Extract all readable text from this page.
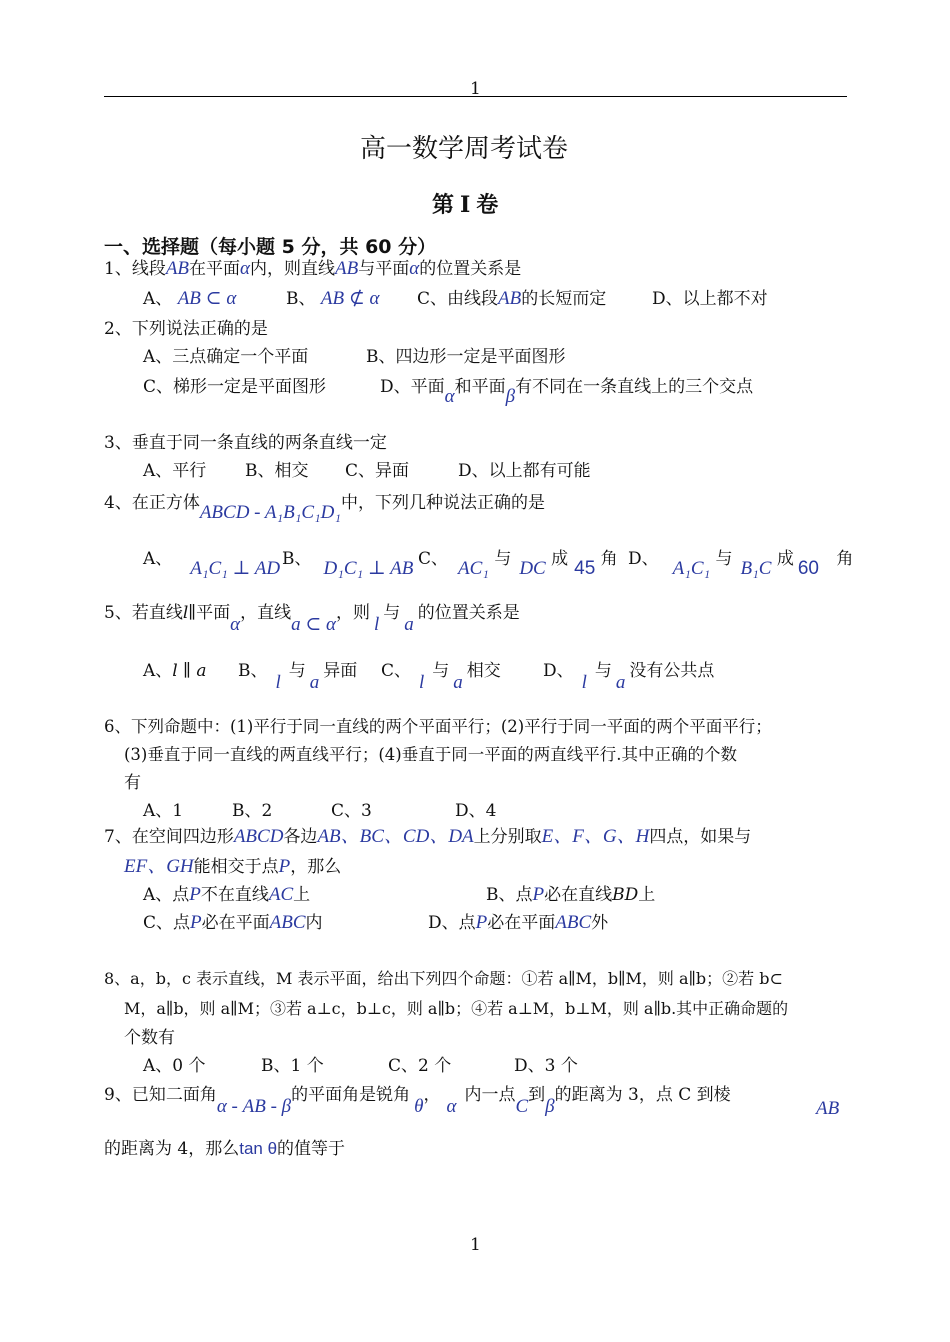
1
高一数学周考试卷
第Ⅰ卷
一、选择题（每小题 5 分，共 60 分）
1、线段AB在平面α内，则直线AB与平面α的位置关系是
A、 AB ⊂ α	B、 AB ⊄ α C、由线段AB的长短而定	D、以上都不对
2、下列说法正确的是
A、三点确定一个平面	B、四边形一定是平面图形
C、梯形一定是平面图形	D、平面α和平面β有不同在一条直线上的三个交点
3、垂直于同一条直线的两条直线一定
A、平行 B、相交 C、异面	D、以上都有可能
4、在正方体ABCD - A₁B₁C₁D₁中，下列几种说法正确的是
A、 A₁C₁ ⊥ AD B、 D₁C₁ ⊥ AB C、 AC₁ 与 DC 成 45 角 D、 A₁C₁ 与 B₁C 成 60 角
5、若直线l∥平面α，直线a ⊂ α，则l与a的位置关系是
A、l ∥ a B、l与a异面 C、l与a相交 D、l与a没有公共点
6、下列命题中：(1)平行于同一直线的两个平面平行；(2)平行于同一平面的两个平面平行；
(3)垂直于同一直线的两直线平行；(4)垂直于同一平面的两直线平行.其中正确的个数
有
A、1	B、2	C、3	D、4
7、在空间四边形ABCD各边AB、BC、CD、DA上分别取E、F、G、H四点，如果与
EF、GH能相交于点P，那么
A、点P不在直线AC上	B、点P必在直线BD上
C、点P必在平面ABC内	D、点P必在平面ABC外
8、a，b，c 表示直线，M 表示平面，给出下列四个命题：①若 a∥M，b∥M，则 a∥b；②若 b⊂
M，a∥b，则 a∥M；③若 a⊥c，b⊥c，则 a∥b；④若 a⊥M，b⊥M，则 a∥b.其中正确命题的
个数有
A、0 个	B、1 个	C、2 个	D、3 个
9、已知二面角α - AB - β的平面角是锐角θ，α内一点C到β的距离为 3，点 C 到棱
AB
的距离为 4，那么tan θ的值等于
1
